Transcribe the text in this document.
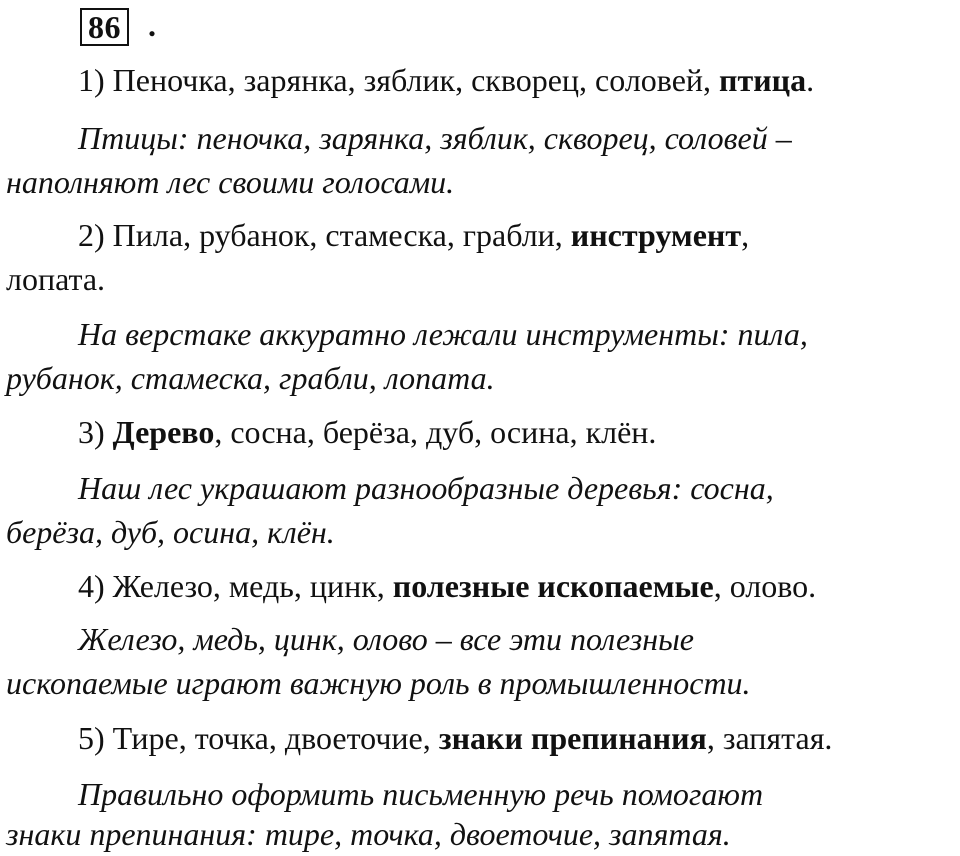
86 .

1) Пеночка, зарянка, зяблик, скворец, соловей, птица.

Птицы: пеночка, зарянка, зяблик, скворец, соловей –

наполняют лес своими голосами.

2) Пила, рубанок, стамеска, грабли, инструмент,

лопата.

На верстаке аккуратно лежали инструменты: пила,

рубанок, стамеска, грабли, лопата.

3) Дерево, сосна, берёза, дуб, осина, клён.

Наш лес украшают разнообразные деревья: сосна,

берёза, дуб, осина, клён.

4) Железо, медь, цинк, полезные ископаемые, олово.

Железо, медь, цинк, олово – все эти полезные

ископаемые играют важную роль в промышленности.

5) Тире, точка, двоеточие, знаки препинания, запятая.

Правильно оформить письменную речь помогают

знаки препинания: тире, точка, двоеточие, запятая.
